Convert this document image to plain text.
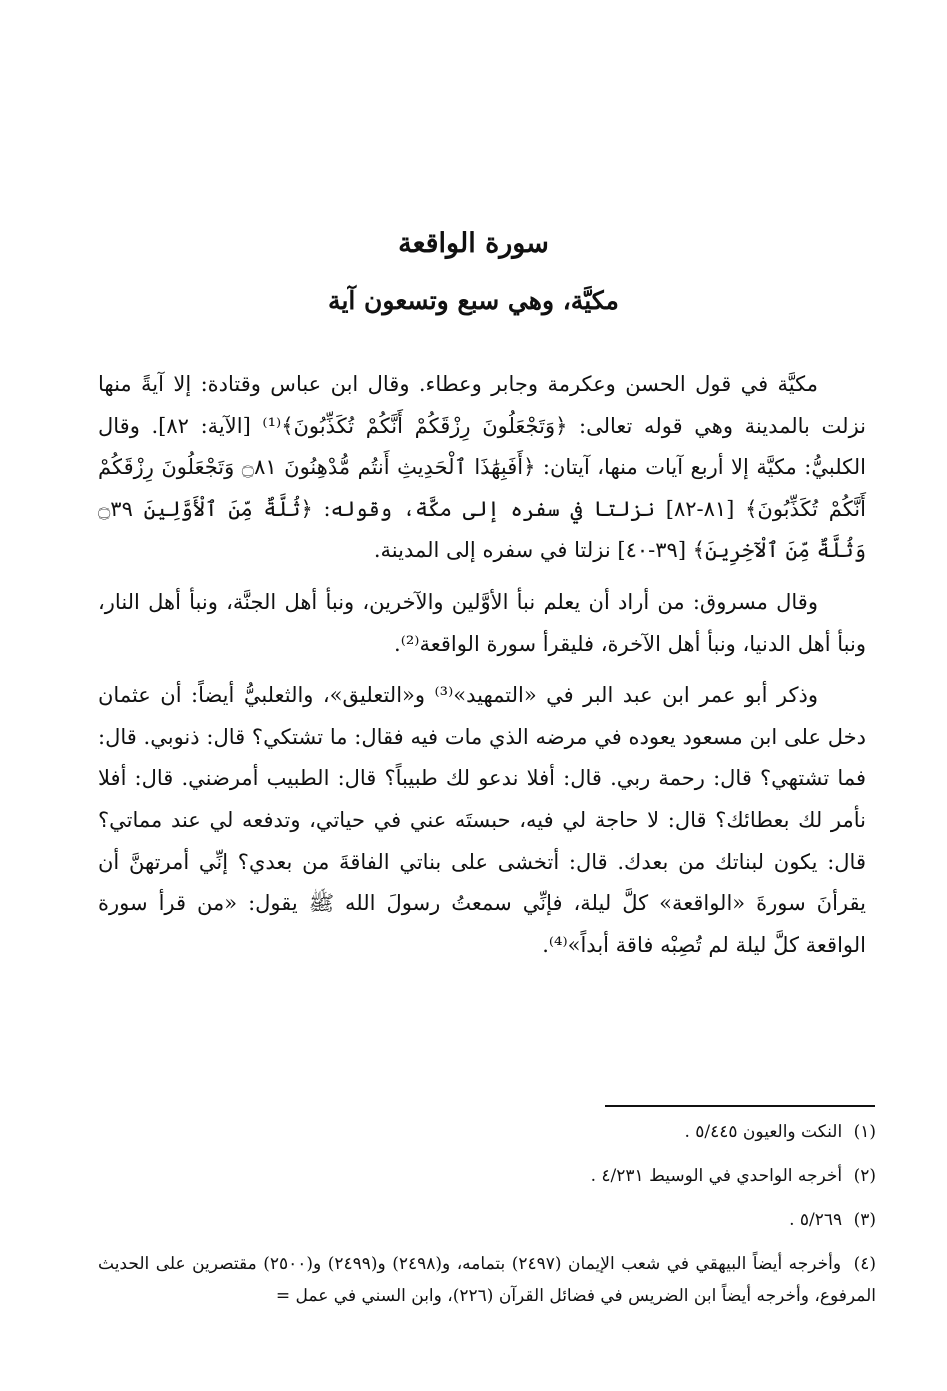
سورة الواقعة
مكيَّة، وهي سبع وتسعون آية

مكيَّة في قول الحسن وعكرمة وجابر وعطاء. وقال ابن عباس وقتادة: إلا آيةً منها نزلت بالمدينة وهي قوله تعالى: ﴿وَتَجْعَلُونَ رِزْقَكُمْ أَنَّكُمْ تُكَذِّبُونَ﴾⁽¹⁾ [الآية: ٨٢]. وقال الكلبيُّ: مكيَّة إلا أربع آيات منها، آيتان: ﴿أَفَبِهَٰذَا ٱلْحَدِيثِ أَنتُم مُّدْهِنُونَ ۝٨١ وَتَجْعَلُونَ رِزْقَكُمْ أَنَّكُمْ تُكَذِّبُونَ﴾ [٨١-٨٢] نزلتا في سفره إلى مكَّة، وقوله: ﴿ثُلَّةٌ مِّنَ ٱلْأَوَّلِينَ ۝٣٩ وَثُلَّةٌ مِّنَ ٱلْآخِرِينَ﴾ [٣٩-٤٠] نزلتا في سفره إلى المدينة.

وقال مسروق: من أراد أن يعلم نبأ الأوَّلين والآخرين، ونبأ أهل الجنَّة، ونبأ أهل النار، ونبأ أهل الدنيا، ونبأ أهل الآخرة، فليقرأ سورة الواقعة⁽²⁾.

وذكر أبو عمر ابن عبد البر في «التمهيد»⁽³⁾ و«التعليق»، والثعلبيُّ أيضاً: أن عثمان دخل على ابن مسعود يعوده في مرضه الذي مات فيه فقال: ما تشتكي؟ قال: ذنوبي. قال: فما تشتهي؟ قال: رحمة ربي. قال: أفلا ندعو لك طبيباً؟ قال: الطبيب أمرضني. قال: أفلا نأمر لك بعطائك؟ قال: لا حاجة لي فيه، حبستَه عني في حياتي، وتدفعه لي عند مماتي؟ قال: يكون لبناتك من بعدك. قال: أتخشى على بناتي الفاقةَ من بعدي؟ إنِّي أمرتهنَّ أن يقرأنَ سورةَ «الواقعة» كلَّ ليلة، فإنِّي سمعتُ رسولَ الله ﷺ يقول: «من قرأ سورة الواقعة كلَّ ليلة لم تُصِبْه فاقة أبداً»⁽⁴⁾.

(١) النكت والعيون ٥/٤٤٥ .
(٢) أخرجه الواحدي في الوسيط ٤/٢٣١ .
(٣) ٥/٢٦٩ .
(٤) وأخرجه أيضاً البيهقي في شعب الإيمان (٢٤٩٧) بتمامه، و(٢٤٩٨) و(٢٤٩٩) و(٢٥٠٠) مقتصرين على الحديث المرفوع، وأخرجه أيضاً ابن الضريس في فضائل القرآن (٢٢٦)، وابن السني في عمل =
